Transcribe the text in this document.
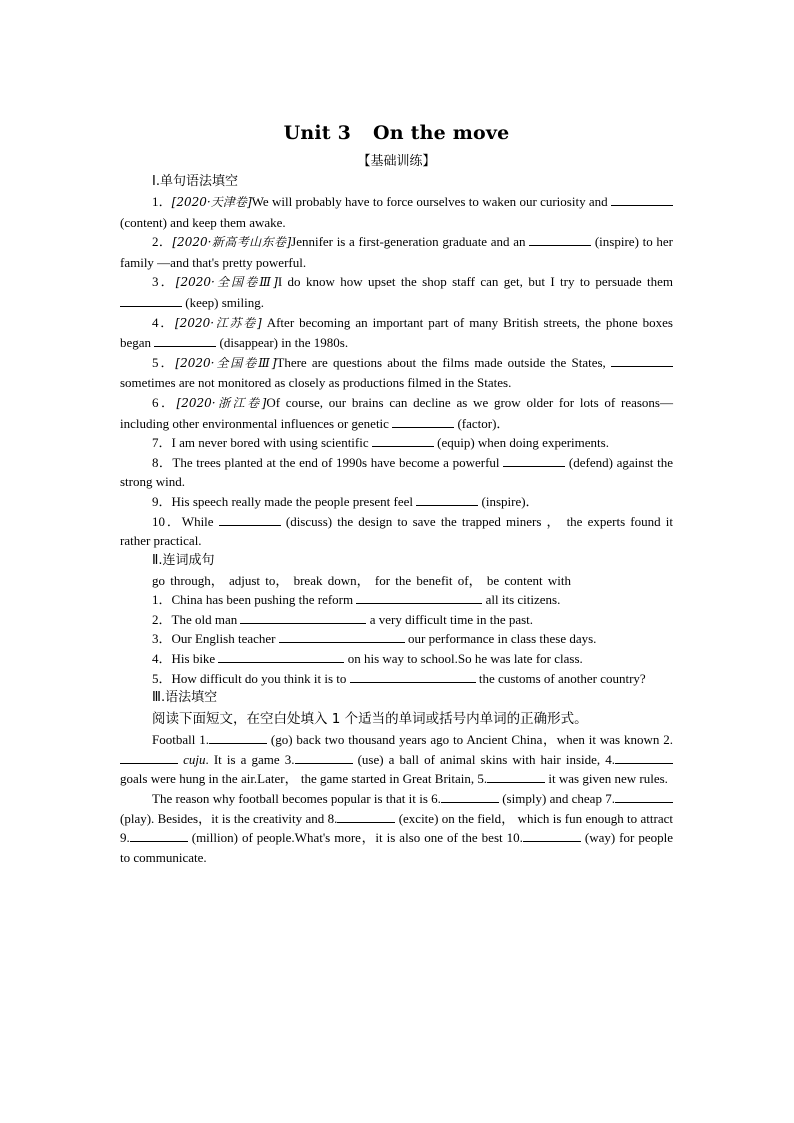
Unit 3 On the move
【基础训练】
Ⅰ.单句语法填空

1．[2020·天津卷]We will probably have to force ourselves to waken our curiosity and  (content) and keep them awake.

2．[2020·新高考山东卷]Jennifer is a first-generation graduate and an	(inspire) to her family —and that's pretty powerful.

3．[2020·全国卷Ⅲ]I do know how upset the shop staff can get, but I try to persuade them  (keep) smiling.

4．[2020·江苏卷] After becoming an important part of many British streets, the phone boxes began	(disappear) in the 1980s.

5．[2020·全国卷Ⅲ]There are questions about the films made outside the States,  sometimes are not monitored as closely as productions filmed in the States.

6．[2020·浙江卷]Of course, our brains can decline as we grow older for lots of reasons—including other environmental influences or genetic	(factor)．

7．I am never bored with using scientific	(equip) when doing experiments.

8．The trees planted at the end of 1990s have become a powerful	(defend) against the strong wind.

9．His speech really made the people present feel	(inspire)．

10．While	(discuss) the design to save the trapped miners ， the experts found it rather practical.

Ⅱ.连词成句
go through， adjust to， break down， for the benefit of， be content with

1．China has been pushing the reform	all its citizens.

2．The old man	a very difficult time in the past.

3．Our English teacher	our performance in class these days.

4．His bike	on his way to school.So he was late for class.

5．How difficult do you think it is to	the customs of another country?

Ⅲ.语法填空
阅读下面短文，在空白处填入 1 个适当的单词或括号内单词的正确形式。

Football 1.	(go) back two thousand years ago to Ancient China，when it was known 2. cuju. It is a game 3.	(use) a ball of animal skins with hair inside, 4. goals were hung in the air.Later， the game started in Great Britain, 5.	it was given new rules.

The reason why football becomes popular is that it is 6.	(simply) and cheap 7. (play). Besides，it is the creativity and 8.	(excite) on the field， which is fun enough to attract 9.	(million) of people.What's more，it is also one of the best 10.	(way) for people to communicate.
